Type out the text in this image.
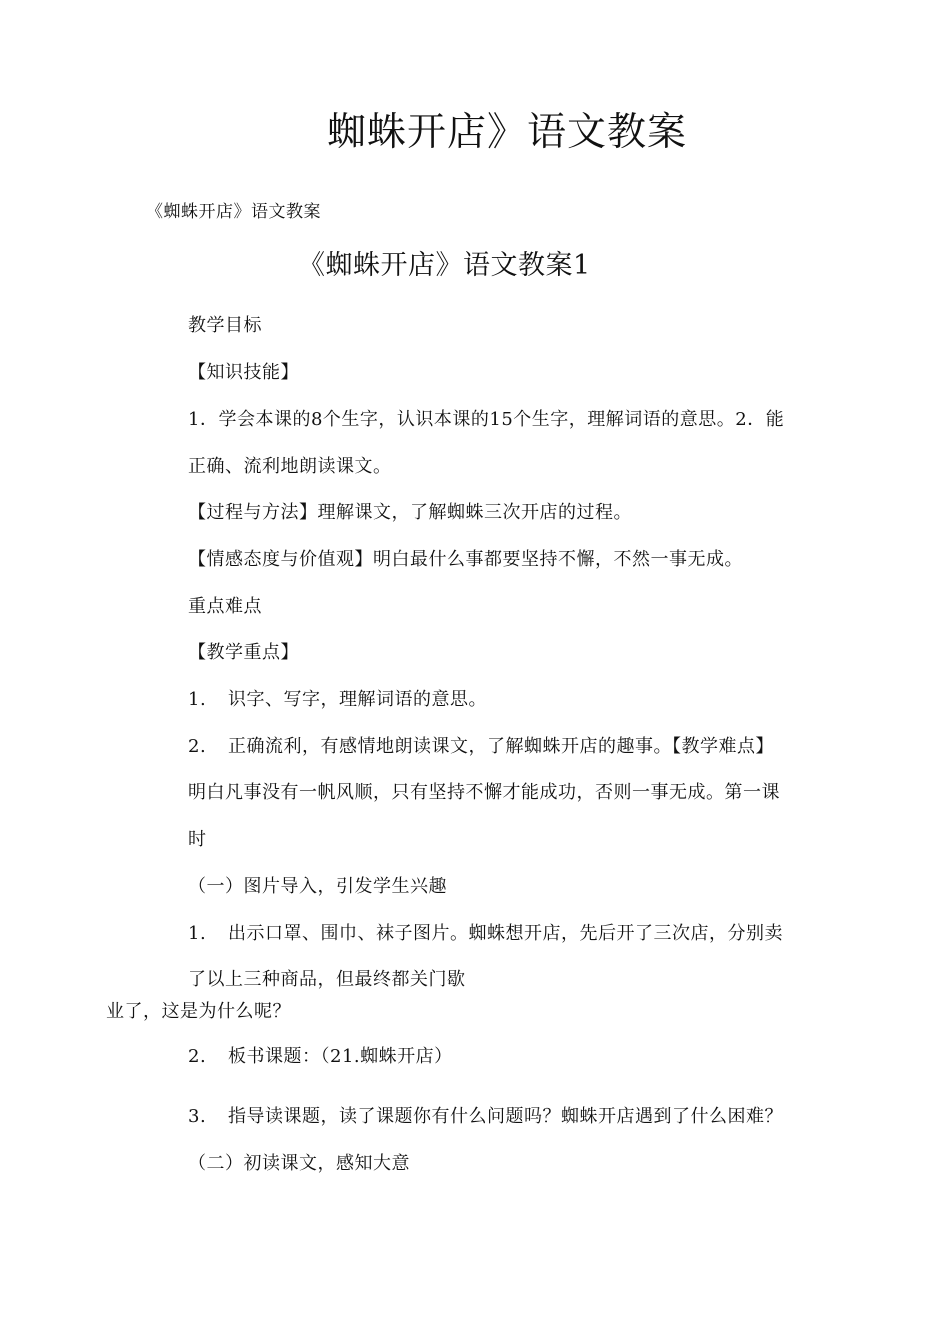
蜘蛛开店》语文教案
《蜘蛛开店》语文教案
《蜘蛛开店》语文教案1
教学目标
【知识技能】
1．学会本课的8个生字，认识本课的15个生字，理解词语的意思。2．能
正确、流利地朗读课文。
【过程与方法】理解课文，了解蜘蛛三次开店的过程。
【情感态度与价值观】明白最什么事都要坚持不懈，不然一事无成。
重点难点
【教学重点】
1. 识字、写字，理解词语的意思。
2. 正确流利，有感情地朗读课文，了解蜘蛛开店的趣事。【教学难点】
明白凡事没有一帆风顺，只有坚持不懈才能成功，否则一事无成。第一课
时
（一）图片导入，引发学生兴趣
1. 出示口罩、围巾、袜子图片。蜘蛛想开店，先后开了三次店，分别卖
了以上三种商品，但最终都关门歇
业了，这是为什么呢？
2. 板书课题：（21.蜘蛛开店）
3. 指导读课题，读了课题你有什么问题吗？蜘蛛开店遇到了什么困难？
（二）初读课文，感知大意
